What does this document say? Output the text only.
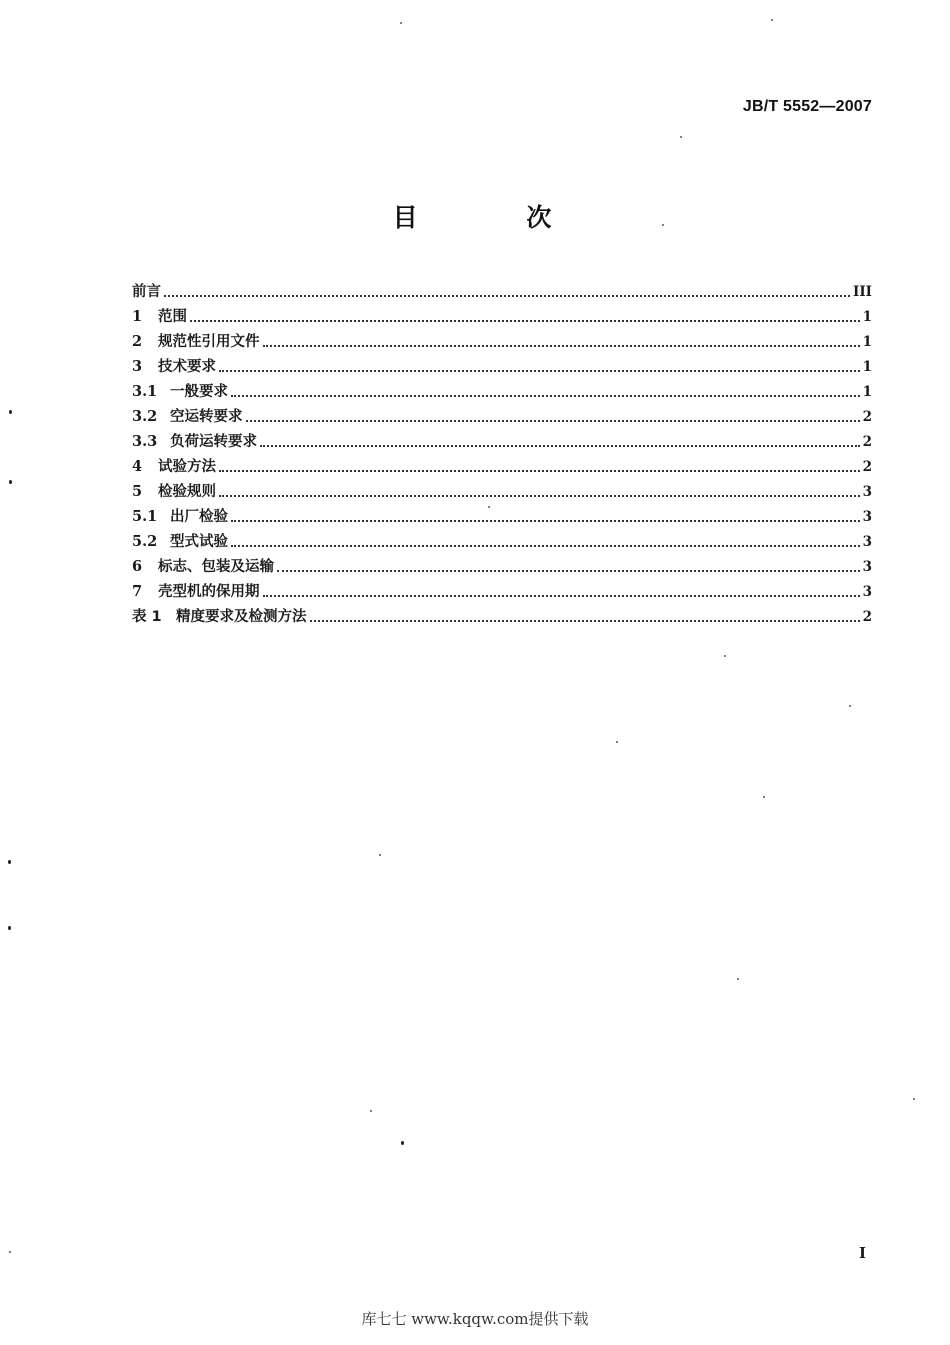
JB/T 5552—2007
目 次
前言	III
1	范围	1
2	规范性引用文件	1
3	技术要求	1
3.1 一般要求	1
3.2 空运转要求	2
3.3 负荷运转要求	2
4	试验方法	2
5	检验规则	3
5.1 出厂检验	3
5.2 型式试验	3
6	标志、包装及运输	3
7	壳型机的保用期	3
表 1 精度要求及检测方法	2
I
库七七 www.kqqw.com提供下载
